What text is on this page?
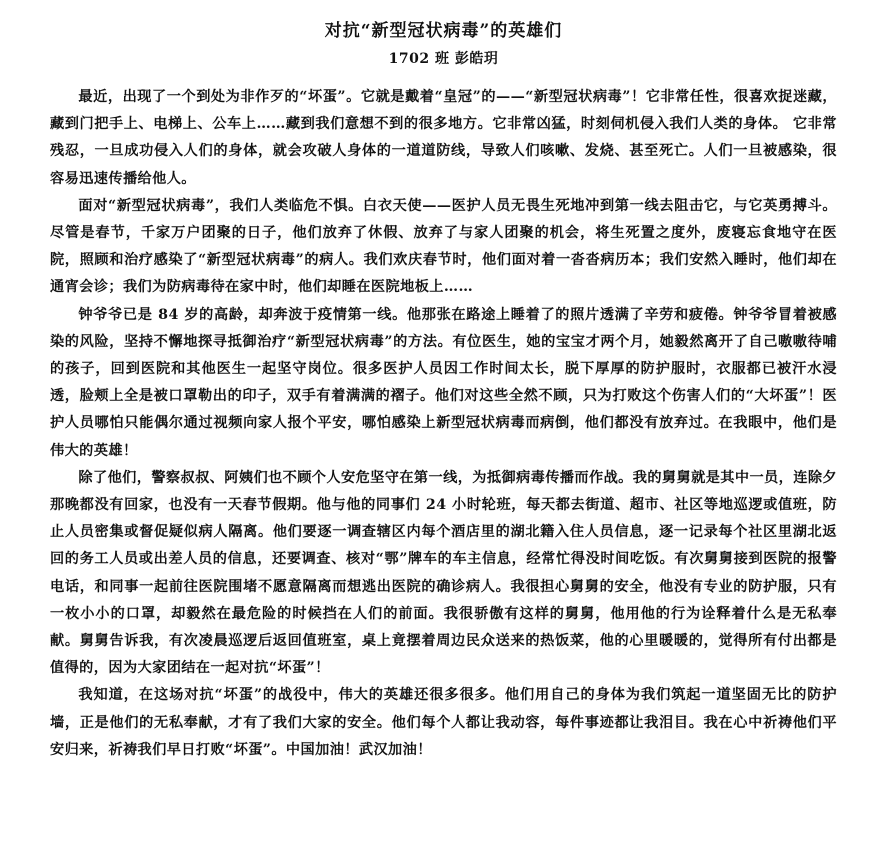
对抗“新型冠状病毒”的英雄们
1702 班 彭皓玥

最近，出现了一个到处为非作歹的“坏蛋”。它就是戴着“皇冠”的——“新型冠状病毒”！它非常任性，很喜欢捉迷藏，藏到门把手上、电梯上、公车上……藏到我们意想不到的很多地方。它非常凶猛，时刻伺机侵入我们人类的身体。 它非常残忍，一旦成功侵入人们的身体，就会攻破人身体的一道道防线，导致人们咳嗽、发烧、甚至死亡。人们一旦被感染，很容易迅速传播给他人。

面对“新型冠状病毒”，我们人类临危不惧。白衣天使——医护人员无畏生死地冲到第一线去阻击它，与它英勇搏斗。尽管是春节，千家万户团聚的日子，他们放弃了休假、放弃了与家人团聚的机会，将生死置之度外，废寝忘食地守在医院，照顾和治疗感染了“新型冠状病毒”的病人。我们欢庆春节时，他们面对着一沓沓病历本；我们安然入睡时，他们却在通宵会诊；我们为防病毒待在家中时，他们却睡在医院地板上……

钟爷爷已是 84 岁的高龄，却奔波于疫情第一线。他那张在路途上睡着了的照片透满了辛劳和疲倦。钟爷爷冒着被感染的风险，坚持不懈地探寻抵御治疗“新型冠状病毒”的方法。有位医生，她的宝宝才两个月，她毅然离开了自己嗷嗷待哺的孩子，回到医院和其他医生一起坚守岗位。很多医护人员因工作时间太长，脱下厚厚的防护服时，衣服都已被汗水浸透，脸颊上全是被口罩勒出的印子，双手有着满满的褶子。他们对这些全然不顾，只为打败这个伤害人们的“大坏蛋”！医护人员哪怕只能偶尔通过视频向家人报个平安，哪怕感染上新型冠状病毒而病倒，他们都没有放弃过。在我眼中，他们是伟大的英雄！

除了他们，警察叔叔、阿姨们也不顾个人安危坚守在第一线，为抵御病毒传播而作战。我的舅舅就是其中一员，连除夕那晚都没有回家，也没有一天春节假期。他与他的同事们 24 小时轮班，每天都去街道、超市、社区等地巡逻或值班，防止人员密集或督促疑似病人隔离。他们要逐一调查辖区内每个酒店里的湖北籍入住人员信息，逐一记录每个社区里湖北返回的务工人员或出差人员的信息，还要调查、核对“鄂”牌车的车主信息，经常忙得没时间吃饭。有次舅舅接到医院的报警电话，和同事一起前往医院围堵不愿意隔离而想逃出医院的确诊病人。我很担心舅舅的安全，他没有专业的防护服，只有一枚小小的口罩，却毅然在最危险的时候挡在人们的前面。我很骄傲有这样的舅舅，他用他的行为诠释着什么是无私奉献。舅舅告诉我，有次凌晨巡逻后返回值班室，桌上竟摆着周边民众送来的热饭菜，他的心里暖暖的，觉得所有付出都是值得的，因为大家团结在一起对抗“坏蛋”！

我知道，在这场对抗“坏蛋”的战役中，伟大的英雄还很多很多。他们用自己的身体为我们筑起一道坚固无比的防护墙，正是他们的无私奉献，才有了我们大家的安全。他们每个人都让我动容，每件事迹都让我泪目。我在心中祈祷他们平安归来，祈祷我们早日打败“坏蛋”。中国加油！武汉加油！
